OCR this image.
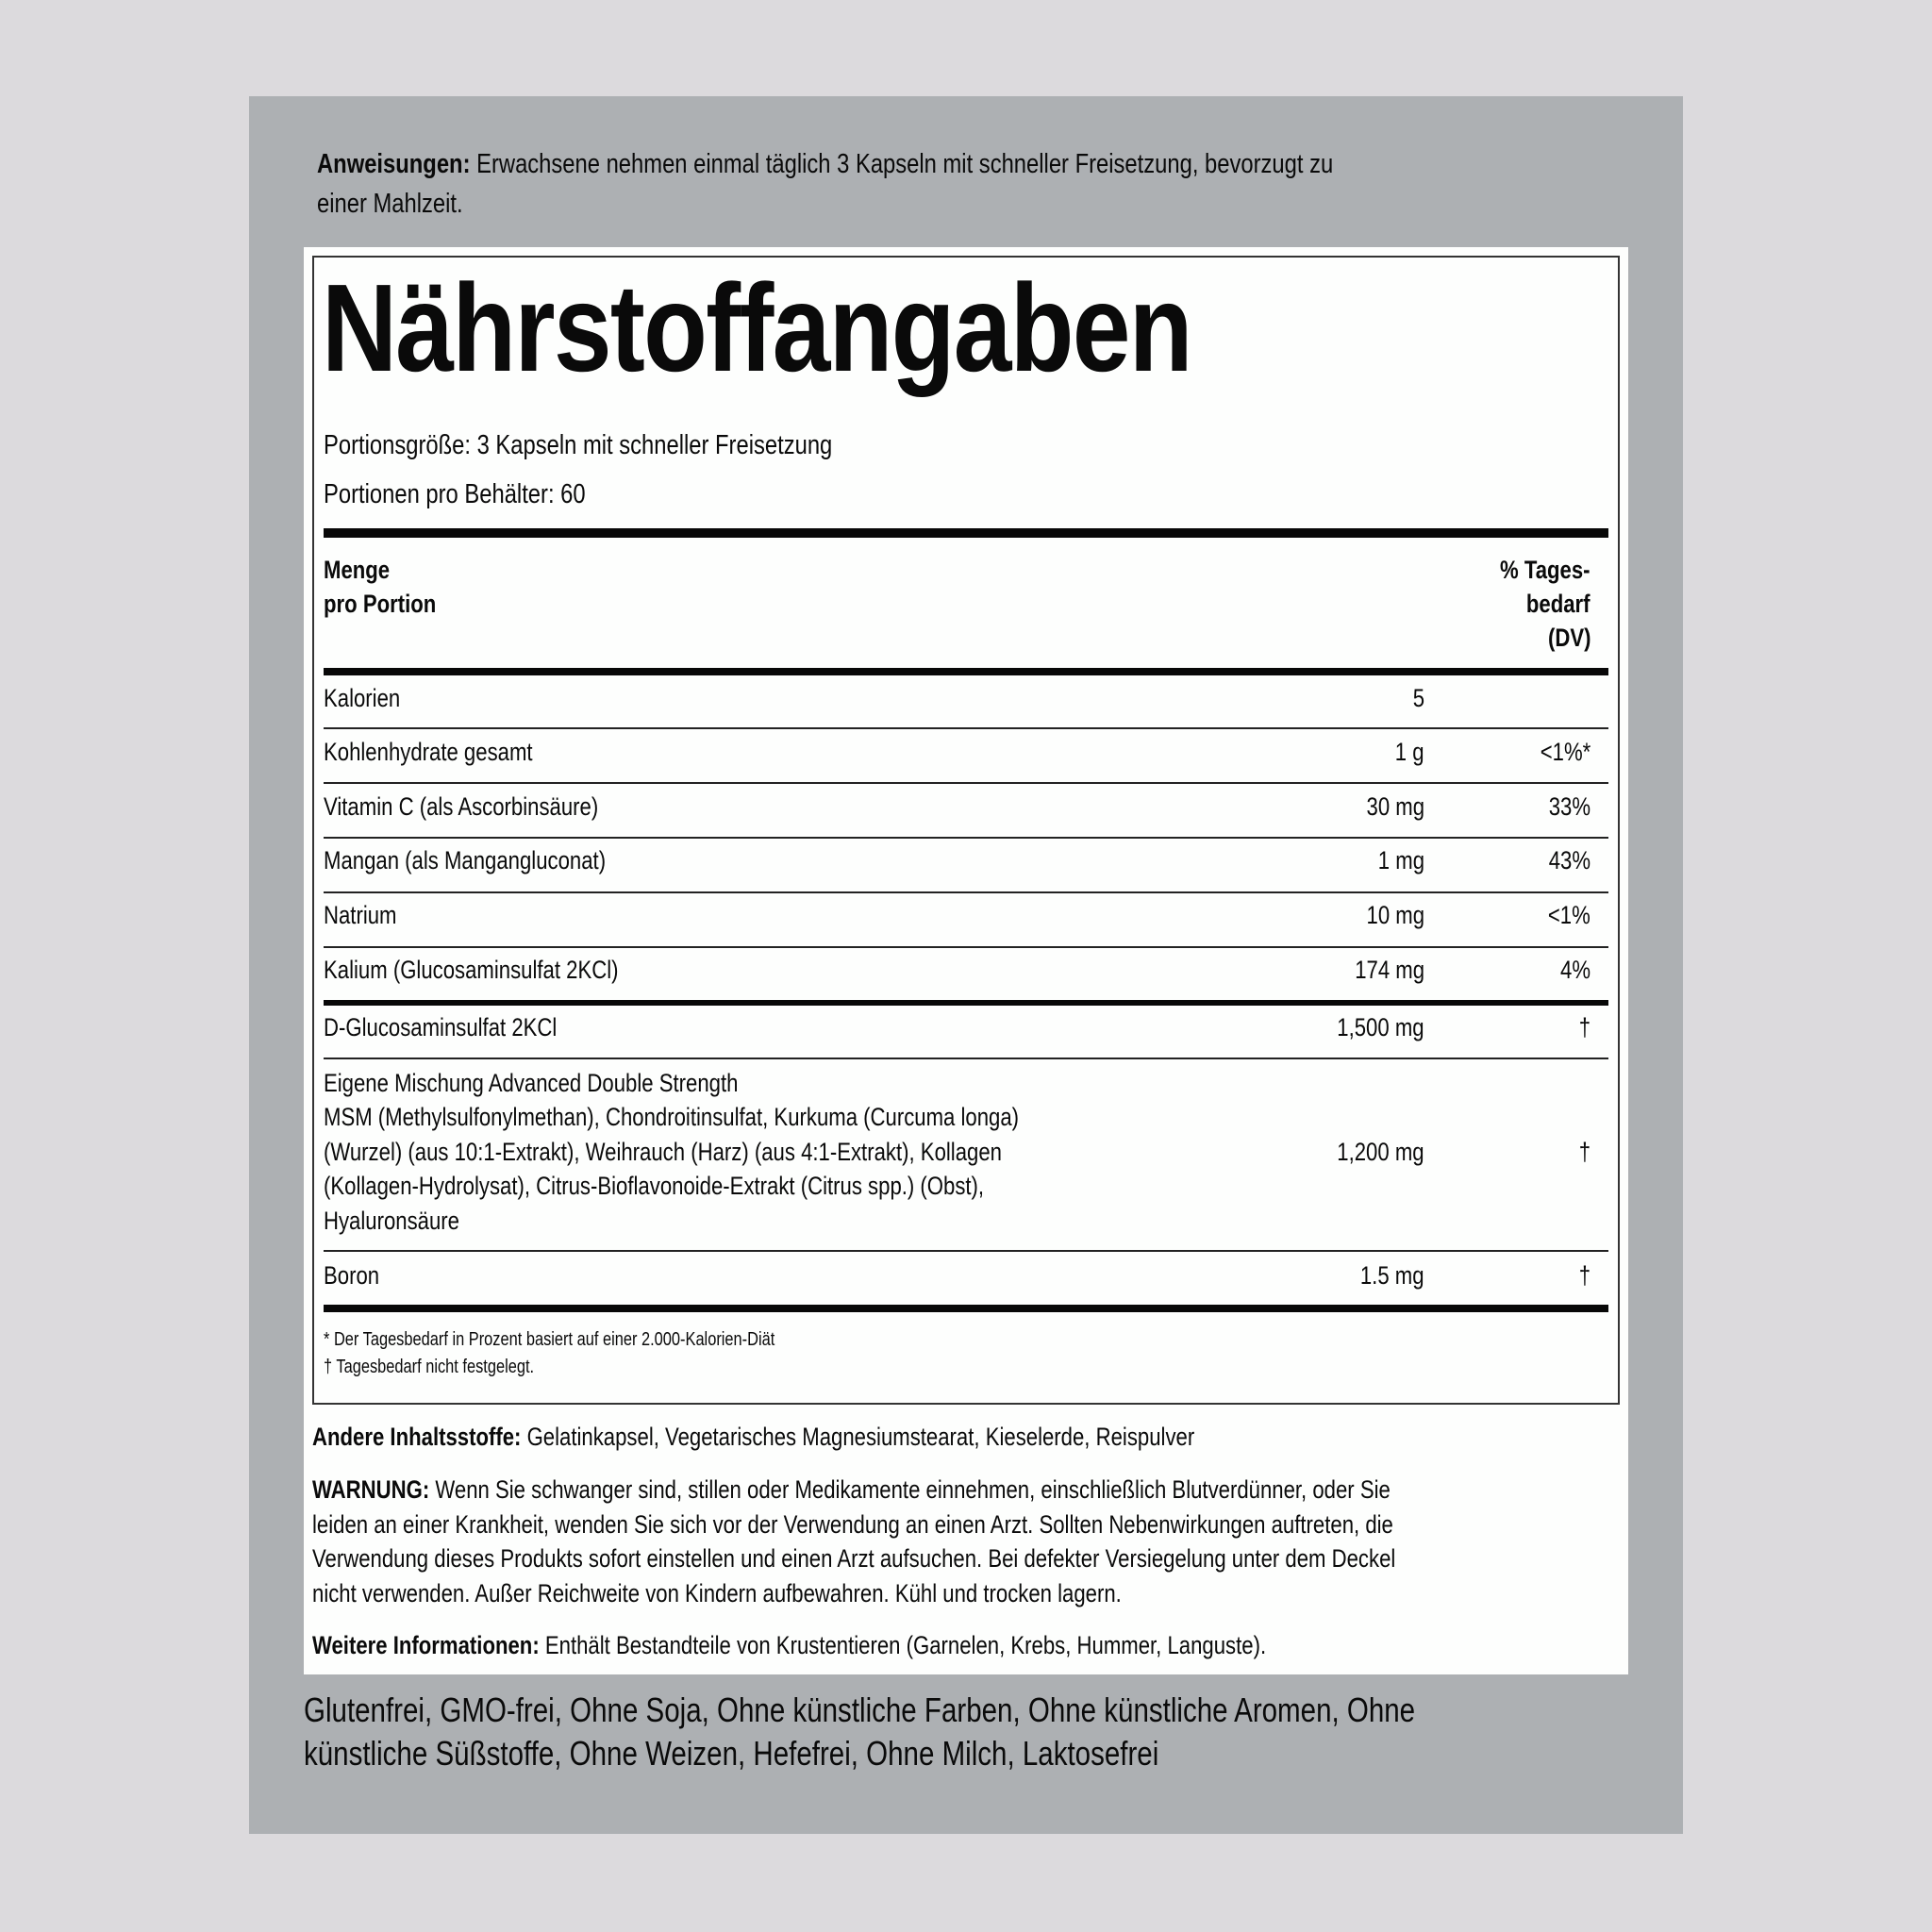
Anweisungen: Erwachsene nehmen einmal täglich 3 Kapseln mit schneller Freisetzung, bevorzugt zu
einer Mahlzeit.
Nährstoffangaben
Portionsgröße: 3 Kapseln mit schneller Freisetzung
Portionen pro Behälter: 60
Menge
pro Portion
% Tages-
bedarf
(DV)
Kalorien	5
Kohlenhydrate gesamt	1 g	<1%*
Vitamin C (als Ascorbinsäure)	30 mg	33%
Mangan (als Mangangluconat)	1 mg	43%
Natrium	10 mg	<1%
Kalium (Glucosaminsulfat 2KCl)	174 mg	4%
D-Glucosaminsulfat 2KCl	1,500 mg	†
Eigene Mischung Advanced Double Strength
MSM (Methylsulfonylmethan), Chondroitinsulfat, Kurkuma (Curcuma longa)
(Wurzel) (aus 10:1-Extrakt), Weihrauch (Harz) (aus 4:1-Extrakt), Kollagen
(Kollagen-Hydrolysat), Citrus-Bioflavonoide-Extrakt (Citrus spp.) (Obst),
Hyaluronsäure
1,200 mg	†
Boron	1.5 mg	†
* Der Tagesbedarf in Prozent basiert auf einer 2.000-Kalorien-Diät
† Tagesbedarf nicht festgelegt.
Andere Inhaltsstoffe: Gelatinkapsel, Vegetarisches Magnesiumstearat, Kieselerde, Reispulver
WARNUNG: Wenn Sie schwanger sind, stillen oder Medikamente einnehmen, einschließlich Blutverdünner, oder Sie
leiden an einer Krankheit, wenden Sie sich vor der Verwendung an einen Arzt. Sollten Nebenwirkungen auftreten, die
Verwendung dieses Produkts sofort einstellen und einen Arzt aufsuchen. Bei defekter Versiegelung unter dem Deckel
nicht verwenden. Außer Reichweite von Kindern aufbewahren. Kühl und trocken lagern.
Weitere Informationen: Enthält Bestandteile von Krustentieren (Garnelen, Krebs, Hummer, Languste).
Glutenfrei, GMO-frei, Ohne Soja, Ohne künstliche Farben, Ohne künstliche Aromen, Ohne
künstliche Süßstoffe, Ohne Weizen, Hefefrei, Ohne Milch, Laktosefrei
